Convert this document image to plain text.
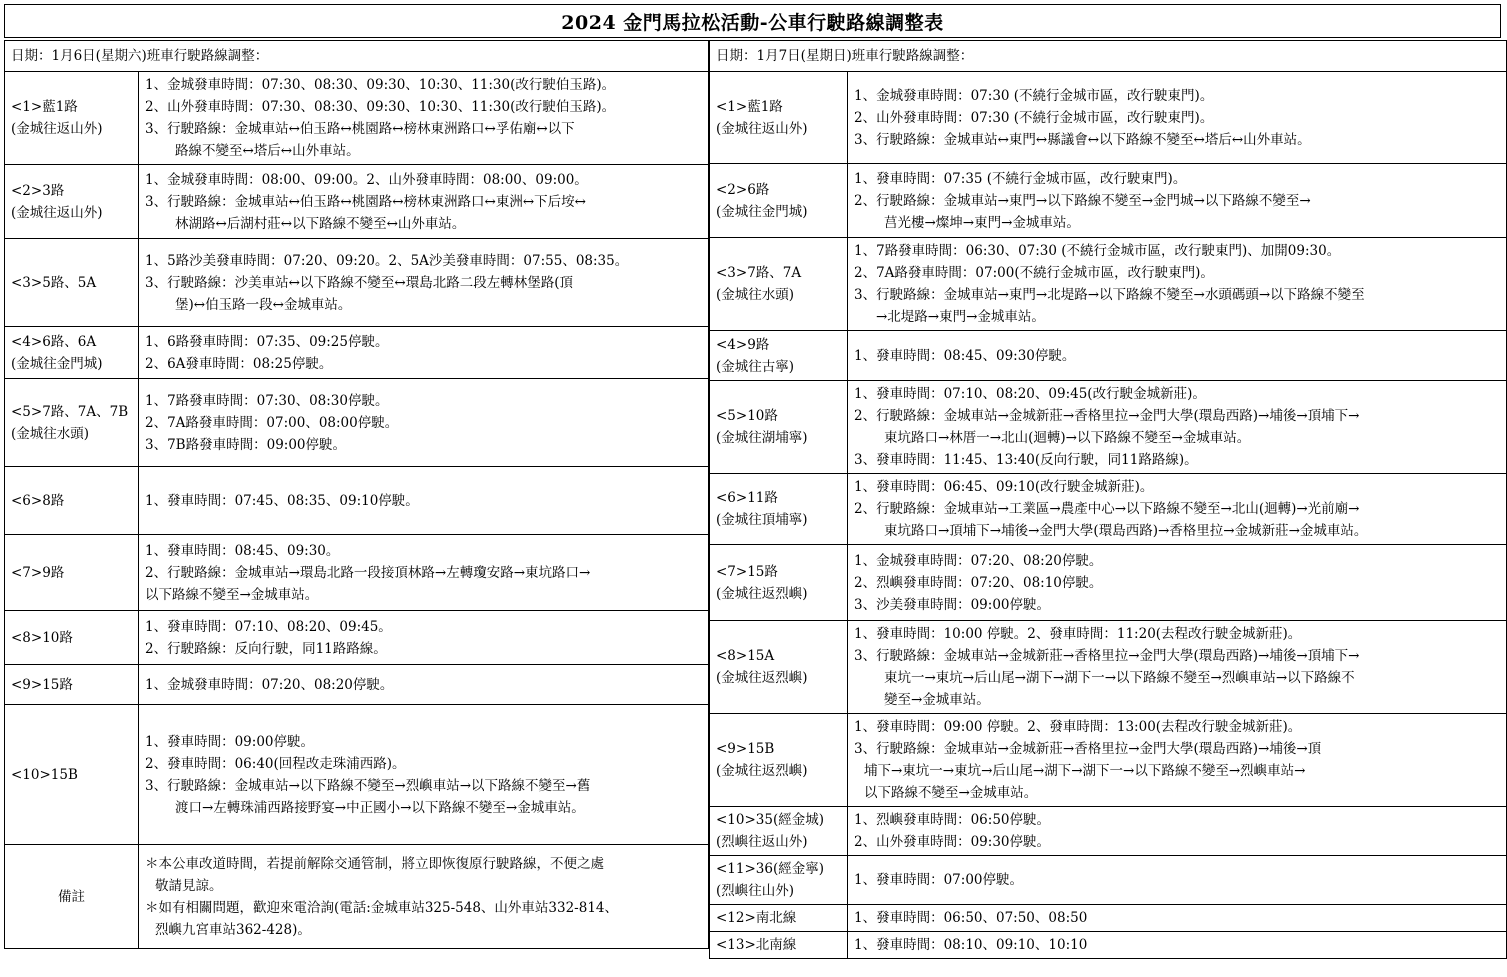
2024 金門馬拉松活動-公車行駛路線調整表
日期：1月6日(星期六)班車行駛路線調整：	

<1>藍1路
(金城往返山外)	1、金城發車時間：07:30、08:30、09:30、10:30、11:30(改行駛伯玉路)。
2、山外發車時間：07:30、08:30、09:30、10:30、11:30(改行駛伯玉路)。
3、行駛路線：金城車站↔伯玉路↔桃園路↔榜林東洲路口↔孚佑廟↔以下
路線不變至↔塔后↔山外車站。

<2>3路
(金城往返山外)	1、金城發車時間：08:00、09:00。2、山外發車時間：08:00、09:00。
3、行駛路線：金城車站↔伯玉路↔桃園路↔榜林東洲路口↔東洲↔下后垵↔
林湖路↔后湖村莊↔以下路線不變至↔山外車站。

<3>5路、5A	1、5路沙美發車時間：07:20、09:20。2、5A沙美發車時間：07:55、08:35。
3、行駛路線：沙美車站↔以下路線不變至↔環島北路二段左轉林堡路(頂
堡)↔伯玉路一段↔金城車站。

<4>6路、6A
(金城往金門城)	1、6路發車時間：07:35、09:25停駛。
2、6A發車時間：08:25停駛。

<5>7路、7A、7B
(金城往水頭)	1、7路發車時間：07:30、08:30停駛。
2、7A路發車時間：07:00、08:00停駛。
3、7B路發車時間：09:00停駛。

<6>8路	1、發車時間：07:45、08:35、09:10停駛。

<7>9路	1、發車時間：08:45、09:30。
2、行駛路線：金城車站→環島北路一段接頂林路→左轉瓊安路→東坑路口→
以下路線不變至→金城車站。

<8>10路	1、發車時間：07:10、08:20、09:45。
2、行駛路線：反向行駛，同11路路線。

<9>15路	1、金城發車時間：07:20、08:20停駛。

<10>15B	1、發車時間：09:00停駛。
2、發車時間：06:40(回程改走珠浦西路)。
3、行駛路線：金城車站→以下路線不變至→烈嶼車站→以下路線不變至→舊
渡口→左轉珠浦西路接野宴→中正國小→以下路線不變至→金城車站。

備註	＊本公車改道時間，若提前解除交通管制，將立即恢復原行駛路線，不便之處
敬請見諒。
＊如有相關問題，歡迎來電洽詢(電話:金城車站325-548、山外車站332-814、
烈嶼九宮車站362-428)。
日期：1月7日(星期日)班車行駛路線調整：	

<1>藍1路
(金城往返山外)	1、金城發車時間：07:30 (不繞行金城市區，改行駛東門)。
2、山外發車時間：07:30 (不繞行金城市區，改行駛東門)。
3、行駛路線：金城車站↔東門↔縣議會↔以下路線不變至↔塔后↔山外車站。

<2>6路
(金城往金門城)	1、發車時間：07:35 (不繞行金城市區，改行駛東門)。
2、行駛路線：金城車站→東門→以下路線不變至→金門城→以下路線不變至→
莒光樓→燦坤→東門→金城車站。

<3>7路、7A
(金城往水頭)	1、7路發車時間：06:30、07:30 (不繞行金城市區，改行駛東門)、加開09:30。
2、7A路發車時間：07:00(不繞行金城市區，改行駛東門)。
3、行駛路線：金城車站→東門→北堤路→以下路線不變至→水頭碼頭→以下路線不變至
→北堤路→東門→金城車站。

<4>9路
(金城往古寧)	1、發車時間：08:45、09:30停駛。

<5>10路
(金城往湖埔寧)	1、發車時間：07:10、08:20、09:45(改行駛金城新莊)。
2、行駛路線：金城車站→金城新莊→香格里拉→金門大學(環島西路)→埔後→頂埔下→
東坑路口→林厝一→北山(迴轉)→以下路線不變至→金城車站。
3、發車時間：11:45、13:40(反向行駛，同11路路線)。

<6>11路
(金城往頂埔寧)	1、發車時間：06:45、09:10(改行駛金城新莊)。
2、行駛路線：金城車站→工業區→農產中心→以下路線不變至→北山(迴轉)→光前廟→
東坑路口→頂埔下→埔後→金門大學(環島西路)→香格里拉→金城新莊→金城車站。

<7>15路
(金城往返烈嶼)	1、金城發車時間：07:20、08:20停駛。
2、烈嶼發車時間：07:20、08:10停駛。
3、沙美發車時間：09:00停駛。

<8>15A
(金城往返烈嶼)	1、發車時間：10:00 停駛。2、發車時間：11:20(去程改行駛金城新莊)。
3、行駛路線：金城車站→金城新莊→香格里拉→金門大學(環島西路)→埔後→頂埔下→
東坑一→東坑→后山尾→湖下→湖下一→以下路線不變至→烈嶼車站→以下路線不
變至→金城車站。

<9>15B
(金城往返烈嶼)	1、發車時間：09:00 停駛。2、發車時間：13:00(去程改行駛金城新莊)。
3、行駛路線：金城車站→金城新莊→香格里拉→金門大學(環島西路)→埔後→頂
埔下→東坑一→東坑→后山尾→湖下→湖下一→以下路線不變至→烈嶼車站→
以下路線不變至→金城車站。

<10>35(經金城)
(烈嶼往返山外)	1、烈嶼發車時間：06:50停駛。
2、山外發車時間：09:30停駛。

<11>36(經金寧)
(烈嶼往山外)	1、發車時間：07:00停駛。

<12>南北線	1、發車時間：06:50、07:50、08:50

<13>北南線	1、發車時間：08:10、09:10、10:10
